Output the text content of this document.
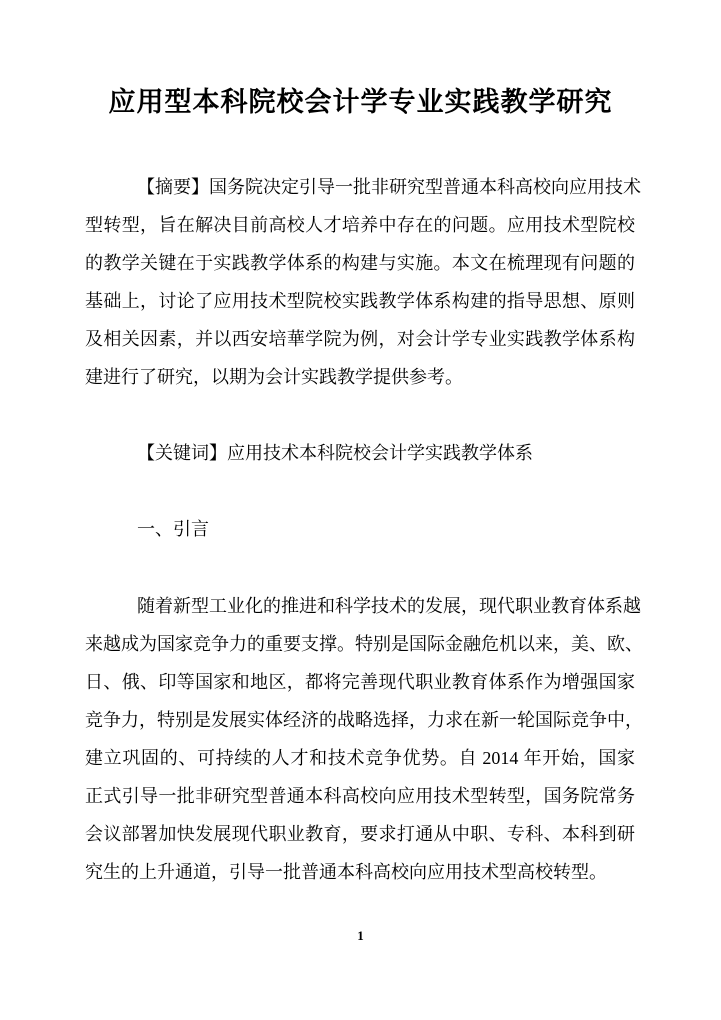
应用型本科院校会计学专业实践教学研究
【摘要】国务院决定引导一批非研究型普通本科高校向应用技术
型转型，旨在解决目前高校人才培养中存在的问题。应用技术型院校
的教学关键在于实践教学体系的构建与实施。本文在梳理现有问题的
基础上，讨论了应用技术型院校实践教学体系构建的指导思想、原则
及相关因素，并以西安培華学院为例，对会计学专业实践教学体系构
建进行了研究，以期为会计实践教学提供参考。
【关键词】应用技术本科院校会计学实践教学体系
一、引言
随着新型工业化的推进和科学技术的发展，现代职业教育体系越
来越成为国家竞争力的重要支撑。特别是国际金融危机以来，美、欧、
日、俄、印等国家和地区，都将完善现代职业教育体系作为增强国家
竞争力，特别是发展实体经济的战略选择，力求在新一轮国际竞争中，
建立巩固的、可持续的人才和技术竞争优势。自 2014 年开始，国家
正式引导一批非研究型普通本科高校向应用技术型转型，国务院常务
会议部署加快发展现代职业教育，要求打通从中职、专科、本科到研
究生的上升通道，引导一批普通本科高校向应用技术型高校转型。
1
